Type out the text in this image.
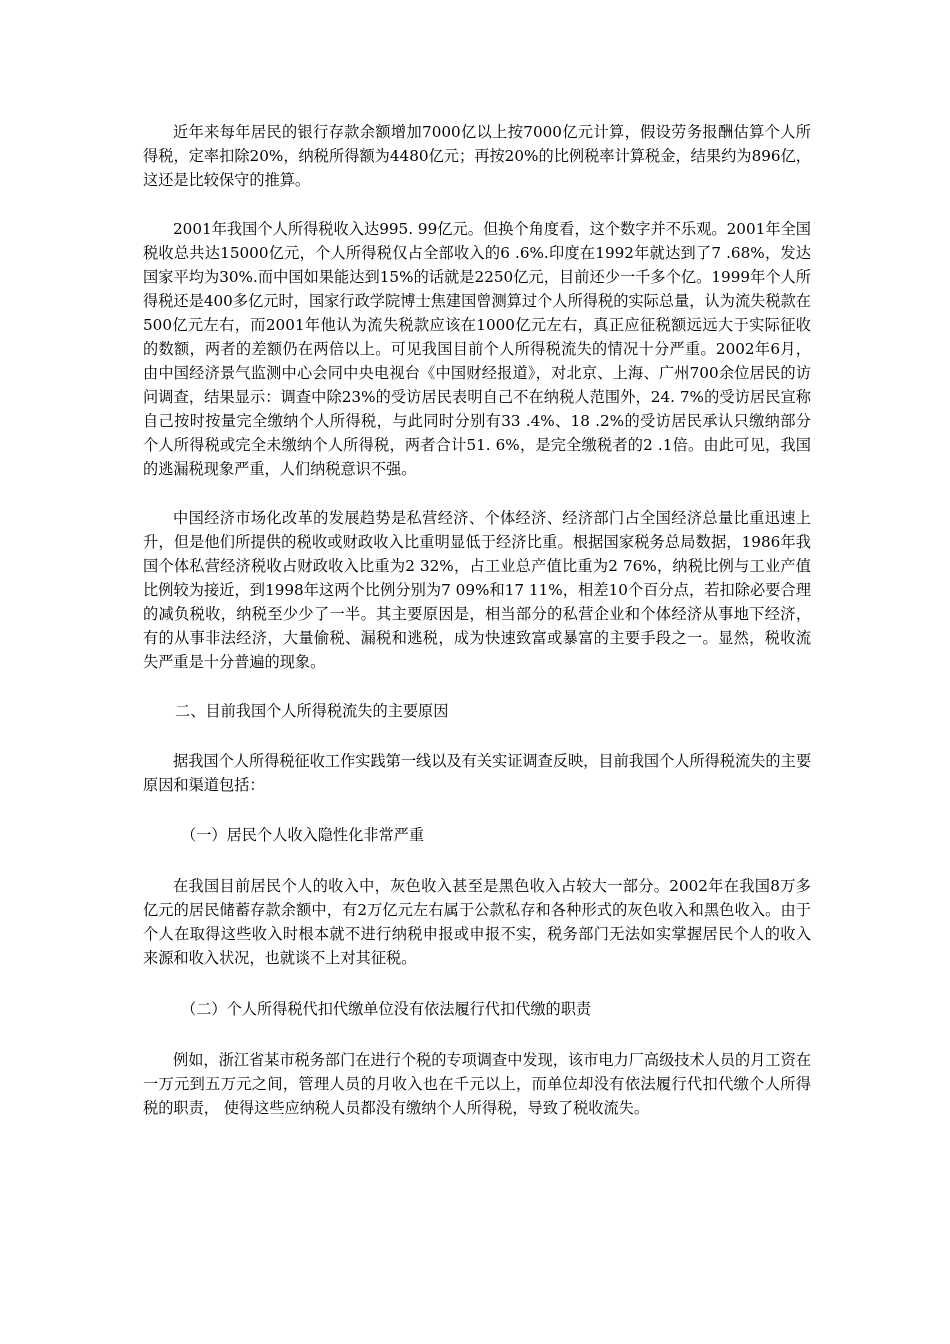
近年来每年居民的银行存款余额增加7000亿以上按7000亿元计算，假设劳务报酬估算个人所得税，定率扣除20%，纳税所得额为4480亿元；再按20%的比例税率计算税金，结果约为896亿，这还是比较保守的推算。

2001年我国个人所得税收入达995. 99亿元。但换个角度看，这个数字并不乐观。2001年全国税收总共达15000亿元，个人所得税仅占全部收入的6 .6%.印度在1992年就达到了7 .68%，发达国家平均为30%.而中国如果能达到15%的话就是2250亿元，目前还少一千多个亿。1999年个人所得税还是400多亿元时，国家行政学院博士焦建国曾测算过个人所得税的实际总量，认为流失税款在500亿元左右，而2001年他认为流失税款应该在1000亿元左右，真正应征税额远远大于实际征收的数额，两者的差额仍在两倍以上。可见我国目前个人所得税流失的情况十分严重。2002年6月，由中国经济景气监测中心会同中央电视台《中国财经报道》，对北京、上海、广州700余位居民的访问调查，结果显示：调查中除23%的受访居民表明自己不在纳税人范围外，24. 7%的受访居民宣称自己按时按量完全缴纳个人所得税，与此同时分别有33 .4%、18 .2%的受访居民承认只缴纳部分个人所得税或完全未缴纳个人所得税，两者合计51. 6%，是完全缴税者的2 .1倍。由此可见，我国的逃漏税现象严重，人们纳税意识不强。

中国经济市场化改革的发展趋势是私营经济、个体经济、经济部门占全国经济总量比重迅速上升，但是他们所提供的税收或财政收入比重明显低于经济比重。根据国家税务总局数据，1986年我国个体私营经济税收占财政收入比重为2 32%，占工业总产值比重为2 76%，纳税比例与工业产值比例较为接近，到1998年这两个比例分别为7 09%和17 11%，相差10个百分点，若扣除必要合理的减负税收，纳税至少少了一半。其主要原因是，相当部分的私营企业和个体经济从事地下经济，有的从事非法经济，大量偷税、漏税和逃税，成为快速致富或暴富的主要手段之一。显然，税收流失严重是十分普遍的现象。

二、目前我国个人所得税流失的主要原因

据我国个人所得税征收工作实践第一线以及有关实证调查反映，目前我国个人所得税流失的主要原因和渠道包括：

（一）居民个人收入隐性化非常严重

在我国目前居民个人的收入中，灰色收入甚至是黑色收入占较大一部分。2002年在我国8万多亿元的居民储蓄存款余额中，有2万亿元左右属于公款私存和各种形式的灰色收入和黑色收入。由于个人在取得这些收入时根本就不进行纳税申报或申报不实，税务部门无法如实掌握居民个人的收入来源和收入状况，也就谈不上对其征税。

（二）个人所得税代扣代缴单位没有依法履行代扣代缴的职责

例如，浙江省某市税务部门在进行个税的专项调查中发现，该市电力厂高级技术人员的月工资在一万元到五万元之间，管理人员的月收入也在千元以上，而单位却没有依法履行代扣代缴个人所得税的职责， 使得这些应纳税人员都没有缴纳个人所得税，导致了税收流失。
